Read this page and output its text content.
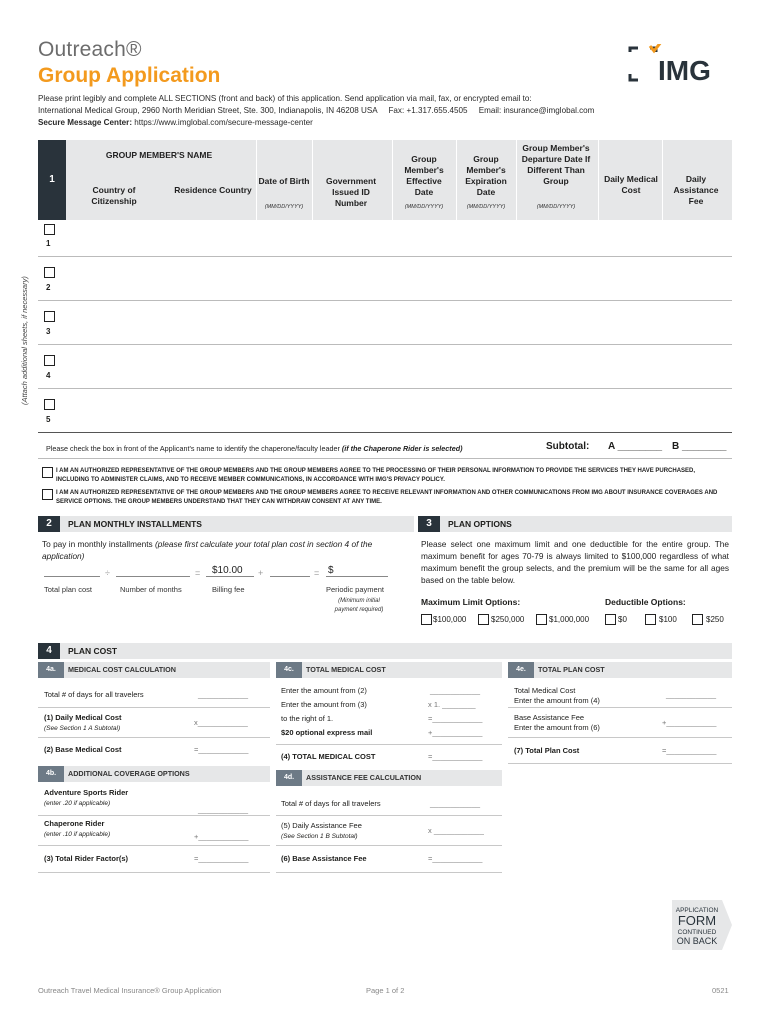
Outreach®
Group Application
Please print legibly and complete ALL SECTIONS (front and back) of this application. Send application via mail, fax, or encrypted email to:
International Medical Group, 2960 North Meridian Street, Ste. 300, Indianapolis, IN 46208 USA     Fax: +1.317.655.4505     Email: insurance@imglobal.com
Secure Message Center: https://www.imglobal.com/secure-message-center
IMG
1
GROUP MEMBER'S NAME
Country of Citizenship
Residence Country
Date of Birth
(MM/DD/YYYY)
Government Issued ID Number
Group Member's Effective Date
(MM/DD/YYYY)
Group Member's Expiration Date
(MM/DD/YYYY)
Group Member's Departure Date If Different Than Group
(MM/DD/YYYY)
Daily Medical Cost
Daily Assistance Fee
(Attach additional sheets, if necessary)
1
2
3
4
5
Please check the box in front of the Applicant's name to identify the chaperone/faculty leader (if the Chaperone Rider is selected)	Subtotal: A ________ B ________
I AM AN AUTHORIZED REPRESENTATIVE OF THE GROUP MEMBERS AND THE GROUP MEMBERS AGREE TO THE PROCESSING OF THEIR PERSONAL INFORMATION TO PROVIDE THE SERVICES THEY HAVE PURCHASED, INCLUDING TO ADMINISTER CLAIMS, AND TO RECEIVE MEMBER COMMUNICATIONS, IN ACCORDANCE WITH IMG'S PRIVACY POLICY.
I AM AN AUTHORIZED REPRESENTATIVE OF THE GROUP MEMBERS AND THE GROUP MEMBERS AGREE TO RECEIVE RELEVANT INFORMATION AND OTHER COMMUNICATIONS FROM IMG ABOUT INSURANCE COVERAGES AND SERVICE OPTIONS. THE GROUP MEMBERS UNDERSTAND THAT THEY CAN WITHDRAW CONSENT AT ANY TIME.
2	PLAN MONTHLY INSTALLMENTS
To pay in monthly installments (please first calculate your total plan cost in section 4 of the application)
÷	= $10.00 +	= $
Total plan cost	Number of months	Billing fee	Periodic payment
(Minimum initial payment required)
3	PLAN OPTIONS
Please select one maximum limit and one deductible for the entire group. The maximum benefit for ages 70-79 is always limited to $100,000 regardless of what maximum benefit the group selects, and the premium will be the same for all ages based on the table below.
Maximum Limit Options:	Deductible Options:
$100,000	$250,000	$1,000,000	$0	$100	$250
4	PLAN COST
4a.	MEDICAL COST CALCULATION
Total # of days for all travelers	____________
(1) Daily Medical Cost
(See Section 1 A Subtotal)
x____________
(2) Base Medical Cost	=____________
4b.	ADDITIONAL COVERAGE OPTIONS
Adventure Sports Rider
(enter .20 if applicable)
____________
Chaperone Rider
(enter .10 if applicable)	+____________
(3) Total Rider Factor(s)	=____________
4c.	TOTAL MEDICAL COST
Enter the amount from (2)	____________
Enter the amount from (3)	x 1. ________
to the right of 1.	=____________
$20 optional express mail	+____________
(4) TOTAL MEDICAL COST	=____________
4d.	ASSISTANCE FEE CALCULATION
Total # of days for all travelers	____________
(5) Daily Assistance Fee
(See Section 1 B Subtotal)
x ____________
(6) Base Assistance Fee	=____________
4e.	TOTAL PLAN COST
Total Medical Cost
Enter the amount from (4)
____________
Base Assistance Fee
Enter the amount from (6)
+____________
(7) Total Plan Cost	=____________
APPLICATION
FORM
CONTINUED
ON BACK
Outreach Travel Medical Insurance® Group Application	Page 1 of 2	0521
